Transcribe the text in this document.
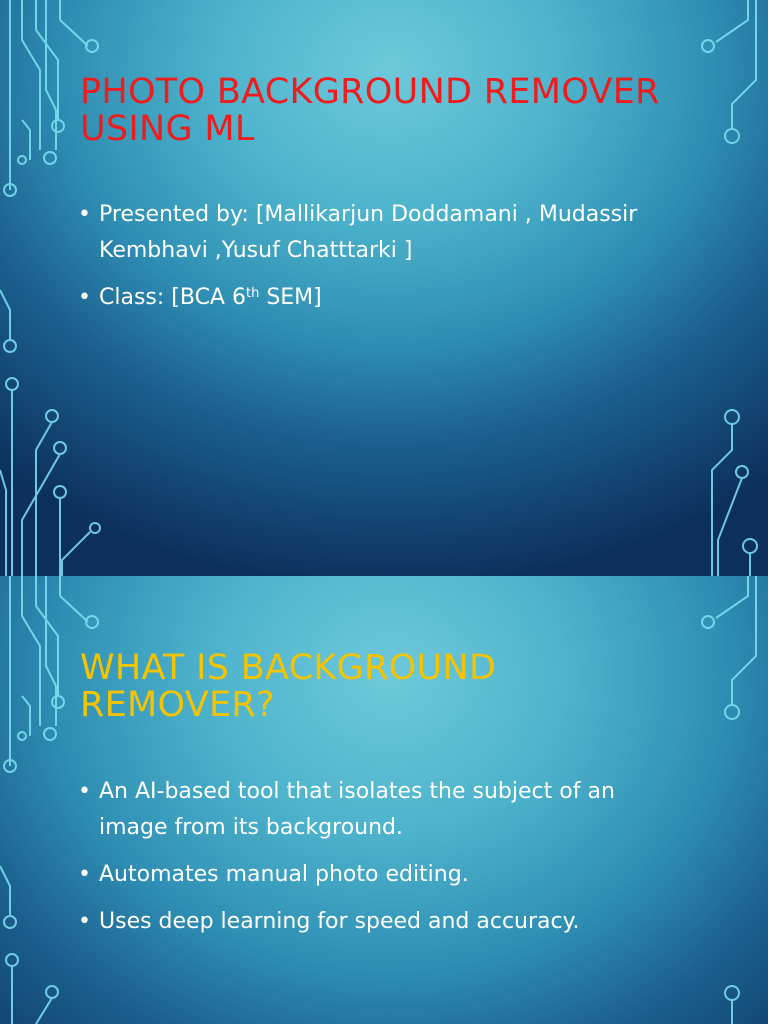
PHOTO BACKGROUND REMOVER USING ML
• Presented by: [Mallikarjun Doddamani , Mudassir Kembhavi ,Yusuf Chatttarki ]
• Class: [BCA 6th SEM]
WHAT IS BACKGROUND REMOVER?
• An AI-based tool that isolates the subject of an image from its background.
• Automates manual photo editing.
• Uses deep learning for speed and accuracy.
